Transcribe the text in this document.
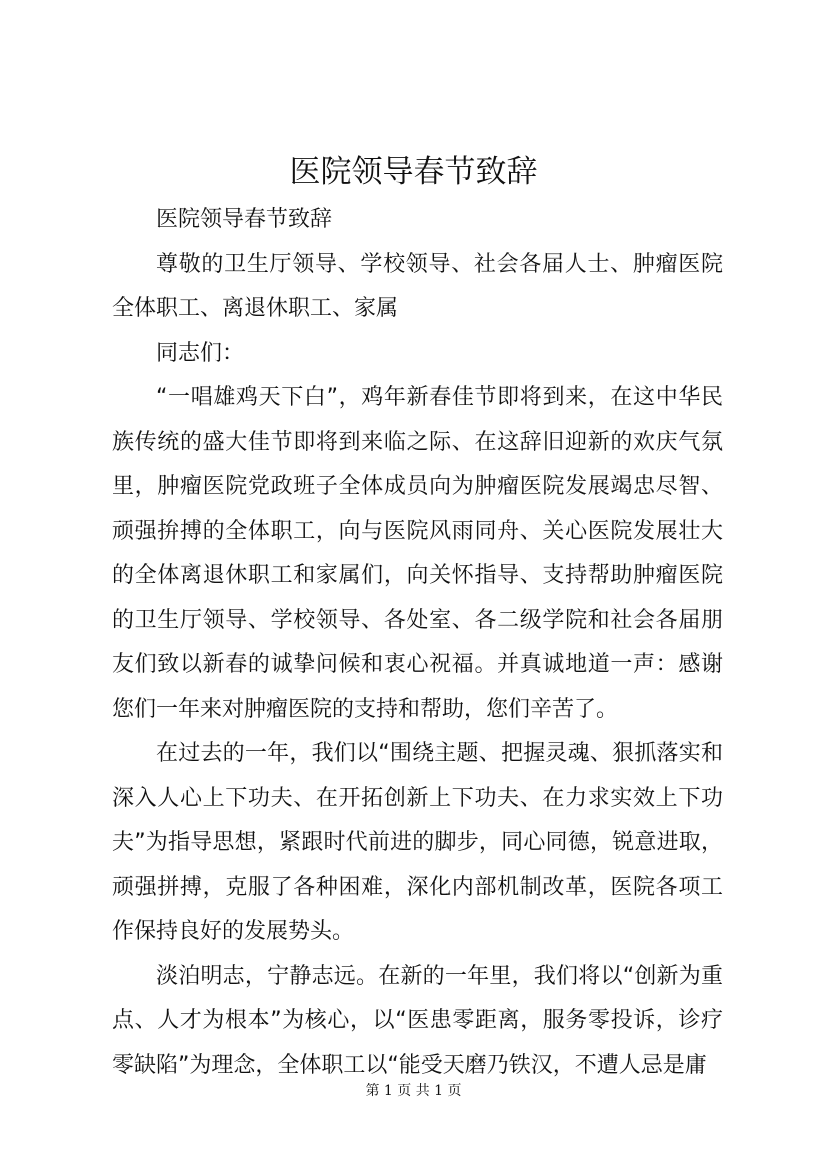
医院领导春节致辞

医院领导春节致辞

尊敬的卫生厅领导、学校领导、社会各届人士、肿瘤医院全体职工、离退休职工、家属

同志们：

“一唱雄鸡天下白”，鸡年新春佳节即将到来，在这中华民族传统的盛大佳节即将到来临之际、在这辞旧迎新的欢庆气氛里，肿瘤医院党政班子全体成员向为肿瘤医院发展竭忠尽智、顽强拚搏的全体职工，向与医院风雨同舟、关心医院发展壮大的全体离退休职工和家属们，向关怀指导、支持帮助肿瘤医院的卫生厅领导、学校领导、各处室、各二级学院和社会各届朋友们致以新春的诚挚问候和衷心祝福。并真诚地道一声：感谢您们一年来对肿瘤医院的支持和帮助，您们辛苦了。

在过去的一年，我们以“围绕主题、把握灵魂、狠抓落实和深入人心上下功夫、在开拓创新上下功夫、在力求实效上下功夫”为指导思想，紧跟时代前进的脚步，同心同德，锐意进取，顽强拼搏，克服了各种困难，深化内部机制改革，医院各项工作保持良好的发展势头。

淡泊明志，宁静志远。在新的一年里，我们将以“创新为重点、人才为根本”为核心，以“医患零距离，服务零投诉，诊疗零缺陷”为理念，全体职工以“能受天磨乃铁汉，不遭人忌是庸

第 1 页 共 1 页
